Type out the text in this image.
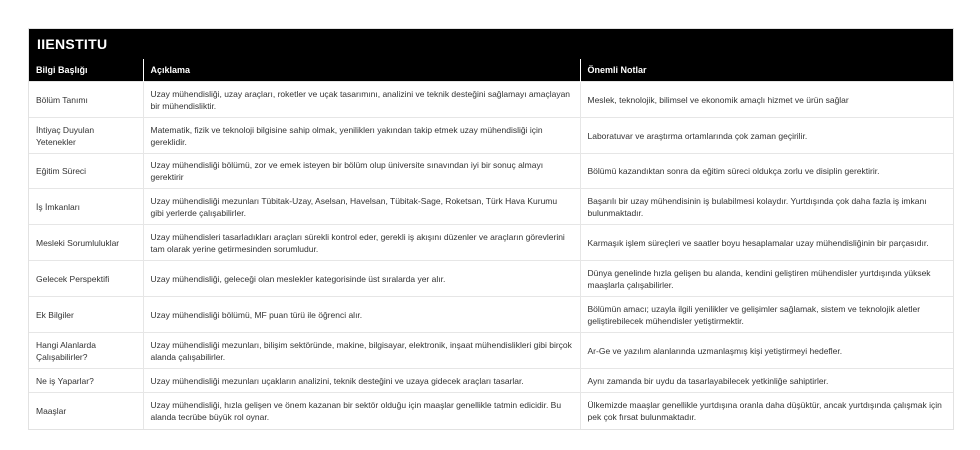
IIENSTITU
Bilgi Başlığı	Açıklama	Önemli Notlar
Bölüm Tanımı	Uzay mühendisliği, uzay araçları, roketler ve uçak tasarımını, analizini ve teknik desteğini sağlamayı amaçlayan bir mühendisliktir.	Meslek, teknolojik, bilimsel ve ekonomik amaçlı hizmet ve ürün sağlar
İhtiyaç Duyulan Yetenekler	Matematik, fizik ve teknoloji bilgisine sahip olmak, yeniliklerı yakından takip etmek uzay mühendisliği için gereklidir.	Laboratuvar ve araştırma ortamlarında çok zaman geçirilir.
Eğitim Süreci	Uzay mühendisliği bölümü, zor ve emek isteyen bir bölüm olup üniversite sınavından iyi bir sonuç almayı gerektirir	Bölümü kazandıktan sonra da eğitim süreci oldukça zorlu ve disiplin gerektirir.
İş İmkanları	Uzay mühendisliği mezunları Tübitak-Uzay, Aselsan, Havelsan, Tübitak-Sage, Roketsan, Türk Hava Kurumu gibi yerlerde çalışabilirler.	Başarılı bir uzay mühendisinin iş bulabilmesi kolaydır. Yurtdışında çok daha fazla iş imkanı bulunmaktadır.
Mesleki Sorumluluklar	Uzay mühendisleri tasarladıkları araçları sürekli kontrol eder, gerekli iş akışını düzenler ve araçların görevlerini tam olarak yerine getirmesinden sorumludur.	Karmaşık işlem süreçleri ve saatler boyu hesaplamalar uzay mühendisliğinin bir parçasıdır.
Gelecek Perspektifi	Uzay mühendisliği, geleceği olan meslekler kategorisinde üst sıralarda yer alır.	Dünya genelinde hızla gelişen bu alanda, kendini geliştiren mühendisler yurtdışında yüksek maaşlarla çalışabilirler.
Ek Bilgiler	Uzay mühendisliği bölümü, MF puan türü ile öğrenci alır.	Bölümün amacı; uzayla ilgili yenilikler ve gelişimler sağlamak, sistem ve teknolojik aletler geliştirebilecek mühendisler yetiştirmektir.
Hangi Alanlarda Çalışabilirler?	Uzay mühendisliği mezunları, bilişim sektöründe, makine, bilgisayar, elektronik, inşaat mühendislikleri gibi birçok alanda çalışabilirler.	Ar-Ge ve yazılım alanlarında uzmanlaşmış kişi yetiştirmeyi hedefler.
Ne iş Yaparlar?	Uzay mühendisliği mezunları uçakların analizini, teknik desteğini ve uzaya gidecek araçları tasarlar.	Aynı zamanda bir uydu da tasarlayabilecek yetkinliğe sahiptirler.
Maaşlar	Uzay mühendisliği, hızla gelişen ve önem kazanan bir sektör olduğu için maaşlar genellikle tatmin edicidir. Bu alanda tecrübe büyük rol oynar.	Ülkemizde maaşlar genellikle yurtdışına oranla daha düşüktür, ancak yurtdışında çalışmak için pek çok fırsat bulunmaktadır.
